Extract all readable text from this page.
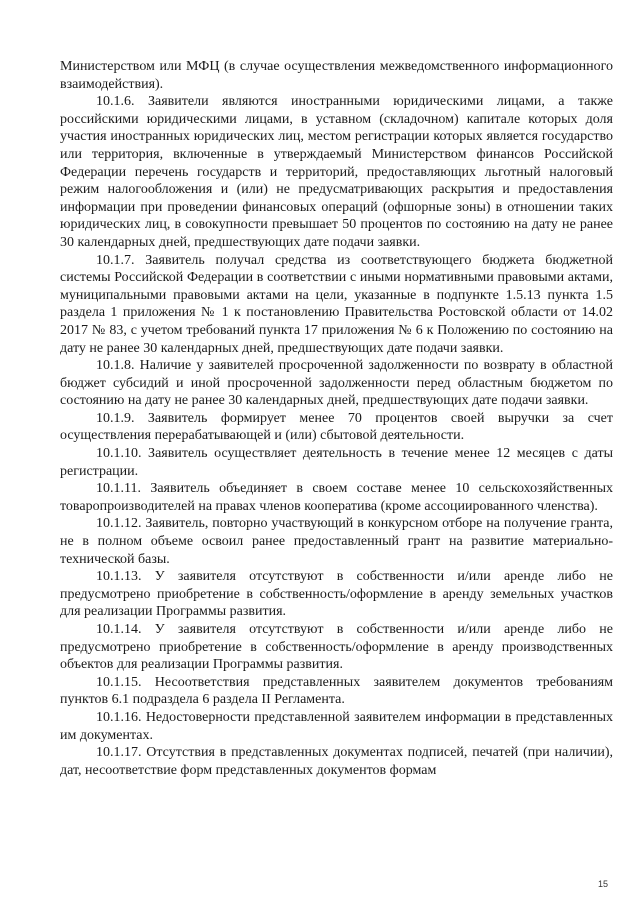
Министерством или МФЦ (в случае осуществления межведомственного информационного взаимодействия).

10.1.6. Заявители являются иностранными юридическими лицами, а также российскими юридическими лицами, в уставном (складочном) капитале которых доля участия иностранных юридических лиц, местом регистрации которых является государство или территория, включенные в утверждаемый Министерством финансов Российской Федерации перечень государств и территорий, предоставляющих льготный налоговый режим налогообложения и (или) не предусматривающих раскрытия и предоставления информации при проведении финансовых операций (офшорные зоны) в отношении таких юридических лиц, в совокупности превышает 50 процентов по состоянию на дату не ранее 30 календарных дней, предшествующих дате подачи заявки.

10.1.7. Заявитель получал средства из соответствующего бюджета бюджетной системы Российской Федерации в соответствии с иными нормативными правовыми актами, муниципальными правовыми актами на цели, указанные в подпункте 1.5.13 пункта 1.5 раздела 1 приложения № 1 к постановлению Правительства Ростовской области от 14.02 2017 № 83, с учетом требований пункта 17 приложения № 6 к Положению по состоянию на дату не ранее 30 календарных дней, предшествующих дате подачи заявки.

10.1.8. Наличие у заявителей просроченной задолженности по возврату в областной бюджет субсидий и иной просроченной задолженности перед областным бюджетом по состоянию на дату не ранее 30 календарных дней, предшествующих дате подачи заявки.

10.1.9. Заявитель формирует менее 70 процентов своей выручки за счет осуществления перерабатывающей и (или) сбытовой деятельности.

10.1.10. Заявитель осуществляет деятельность в течение менее 12 месяцев с даты регистрации.

10.1.11. Заявитель объединяет в своем составе менее 10 сельскохозяйственных товаропроизводителей на правах членов кооператива (кроме ассоциированного членства).

10.1.12. Заявитель, повторно участвующий в конкурсном отборе на получение гранта, не в полном объеме освоил ранее предоставленный грант на развитие материально-технической базы.

10.1.13. У заявителя отсутствуют в собственности и/или аренде либо не предусмотрено приобретение в собственность/оформление в аренду земельных участков для реализации Программы развития.

10.1.14. У заявителя отсутствуют в собственности и/или аренде либо не предусмотрено приобретение в собственность/оформление в аренду производственных объектов для реализации Программы развития.

10.1.15. Несоответствия представленных заявителем документов требованиям пунктов 6.1 подраздела 6 раздела II Регламента.

10.1.16. Недостоверности представленной заявителем информации в представленных им документах.

10.1.17. Отсутствия в представленных документах подписей, печатей (при наличии), дат, несоответствие форм представленных документов формам

15
